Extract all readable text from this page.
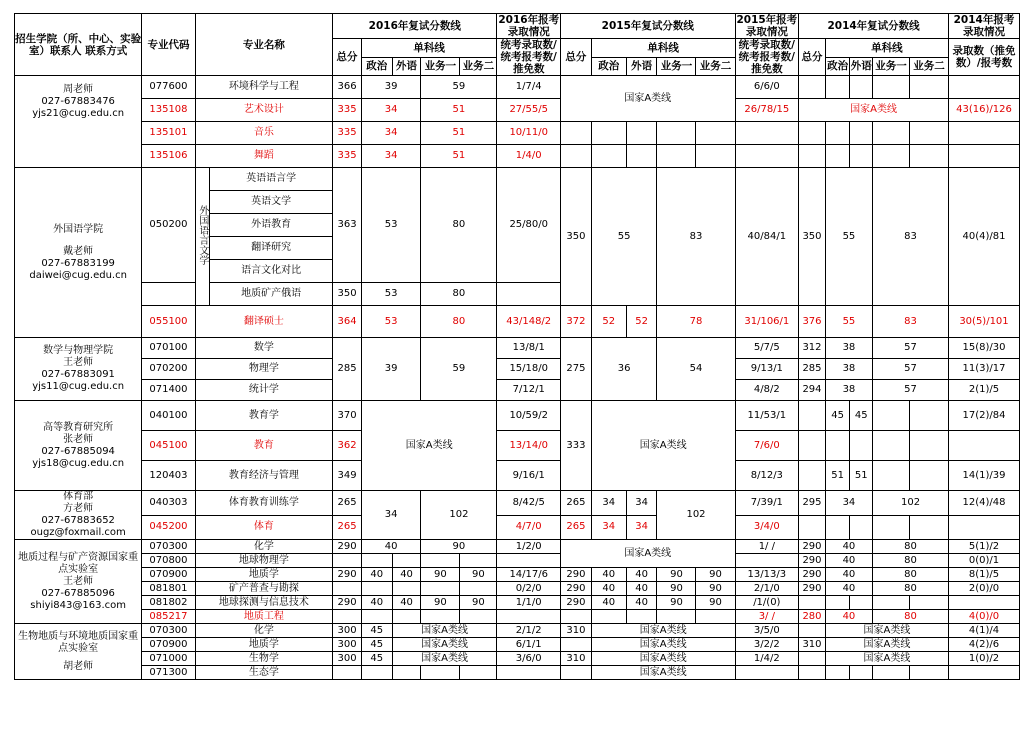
招生学院（所、中心、实验室）联系人 联系方式	专业代码	专业名称		2016年复试分数线					2016年报考录取情况	2015年复试分数线					2015年报考录取情况	2014年复试分数线					2014年报考录取情况
				总分	单科线				统考录取数/统考报考数/推免数	总分	单科线				统考录取数/统考报考数/推免数	总分	单科线				录取数（推免数）/报考数
					政治	外语	业务一	业务二			政治	外语	业务一	业务二			政治	外语	业务一	业务二	

周老师
027-67883476
yjs21@cug.edu.cn	077600	环境科学与工程		366	39		59		1/7/4	国家A类线					6/6/0						
	135108	艺术设计		335	34		51		27/55/5						26/78/15	国家A类线					43(16)/126
	135101	音乐		335	34		51		10/11/0												
	135106	舞蹈		335	34		51		1/4/0												

外国语学院
戴老师
027-67883199
daiwei@cug.edu.cn	050200	外国语言文学	英语语言学	363	53		80		25/80/0	350	55		83		40/84/1	350	55		83		40(4)/81
			英语文学																		
			外语教育																		
			翻译研究																		
			语言文化对比																		
			地质矿产俄语	350	53		80														
	055100	翻译硕士		364	53		80		43/148/2	372	52	52	78		31/106/1	376	55		83		30(5)/101

数学与物理学院
王老师
027-67883091
yjs11@cug.edu.cn	070100	数学		285	39		59		13/8/1	275	36		54		5/7/5	312	38		57		15(8)/30
	070200	物理学							15/18/0						9/13/1	285	38		57		11(3)/17
	071400	统计学							7/12/1						4/8/2	294	38		57		2(1)/5

高等教育研究所
张老师
027-67885094
yjs18@cug.edu.cn	040100	教育学		370	国家A类线				10/59/2	333	国家A类线				11/53/1		45	45			17(2)/84
	045100	教育		362					13/14/0						7/6/0						
	120403	教育经济与管理		349					9/16/1						8/12/3		51	51			14(1)/39

体育部
方老师
027-67883652
ougz@foxmail.com	040303	体育教育训练学		265	34		102		8/42/5	265	34	34	102		7/39/1	295	34		102		12(4)/48
	045200	体育		265					4/7/0	265	34	34			3/4/0						

地质过程与矿产资源国家重点实验室
王老师
027-67885096
shiyi843@163.com	070300	化学		290	40		90		1/2/0	国家A类线					1/ /	290	40		80		5(1)/2
	070800	地球物理学														290	40		80		0(0)/1
	070900	地质学		290	40	40	90	90	14/17/6	290	40	40	90	90	13/13/3	290	40		80		8(1)/5
	081801	矿产普查与勘探							0/2/0	290	40	40	90	90	2/1/0	290	40		80		2(0)/0
	081802	地球探测与信息技术		290	40	40	90	90	1/1/0	290	40	40	90	90	/1/(0)						
	085217	地质工程													3/ /	280	40		80		4(0)/0

生物地质与环境地质国家重点实验室
胡老师	070300	化学		300	45	国家A类线			2/1/2	310	国家A类线				3/5/0		国家A类线				4(1)/4
	070900	地质学		300	45	国家A类线			6/1/1		国家A类线				3/2/2	310	国家A类线				4(2)/6
	071000	生物学		300	45	国家A类线			3/6/0	310	国家A类线				1/4/2		国家A类线				1(0)/2
	071300	生态学									国家A类线										
